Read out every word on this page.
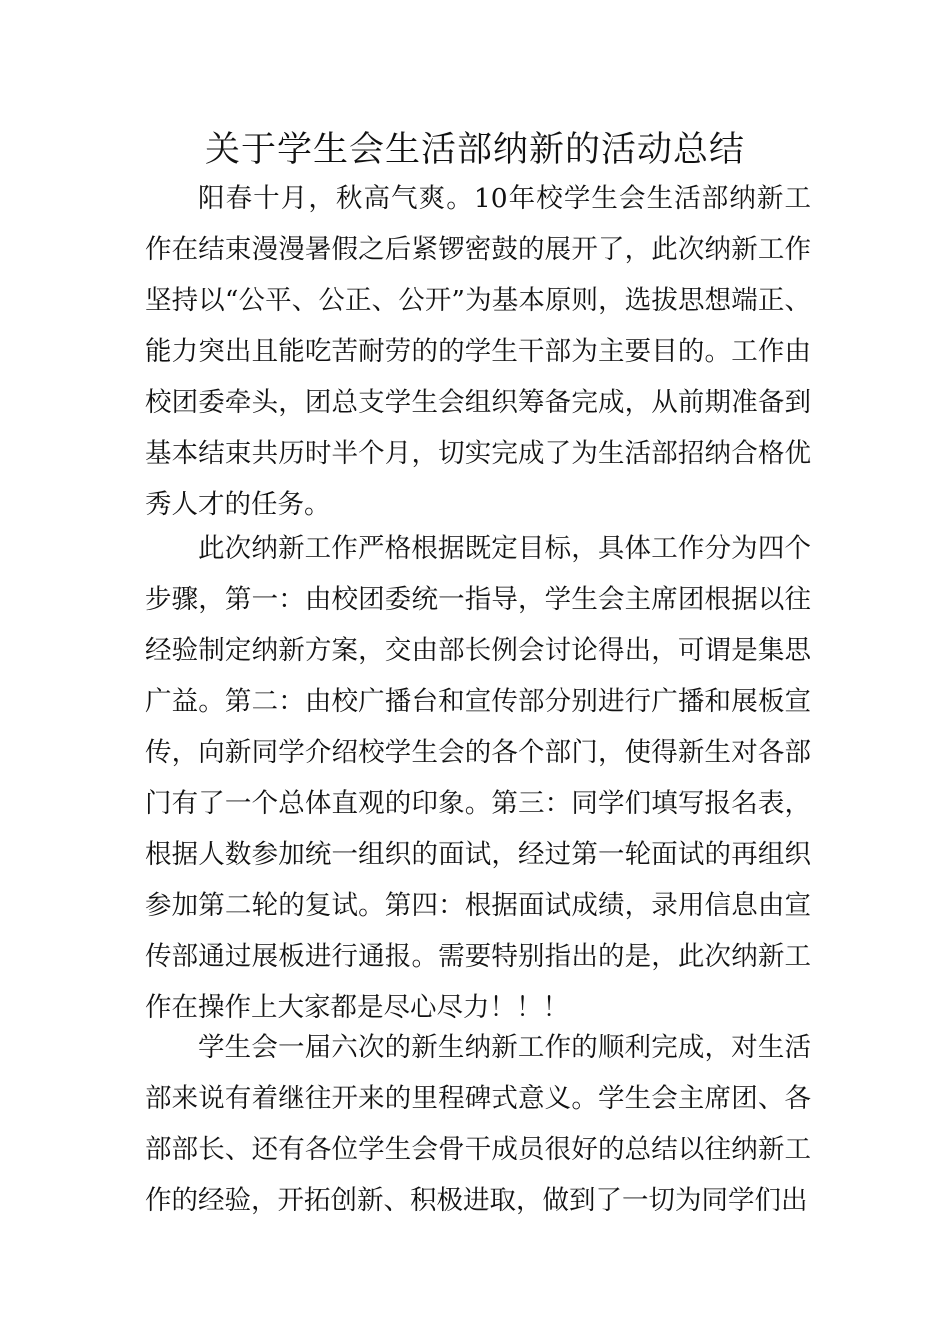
关于学生会生活部纳新的活动总结

阳春十月，秋高气爽。10年校学生会生活部纳新工作在结束漫漫暑假之后紧锣密鼓的展开了，此次纳新工作坚持以“公平、公正、公开”为基本原则，选拔思想端正、能力突出且能吃苦耐劳的的学生干部为主要目的。工作由校团委牵头，团总支学生会组织筹备完成，从前期准备到基本结束共历时半个月，切实完成了为生活部招纳合格优秀人才的任务。

此次纳新工作严格根据既定目标，具体工作分为四个步骤，第一：由校团委统一指导，学生会主席团根据以往经验制定纳新方案，交由部长例会讨论得出，可谓是集思广益。第二：由校广播台和宣传部分别进行广播和展板宣传，向新同学介绍校学生会的各个部门，使得新生对各部门有了一个总体直观的印象。第三：同学们填写报名表，根据人数参加统一组织的面试，经过第一轮面试的再组织参加第二轮的复试。第四：根据面试成绩，录用信息由宣传部通过展板进行通报。需要特别指出的是，此次纳新工作在操作上大家都是尽心尽力！！！

学生会一届六次的新生纳新工作的顺利完成，对生活部来说有着继往开来的里程碑式意义。学生会主席团、各部部长、还有各位学生会骨干成员很好的总结以往纳新工作的经验，开拓创新、积极进取，做到了一切为同学们出
